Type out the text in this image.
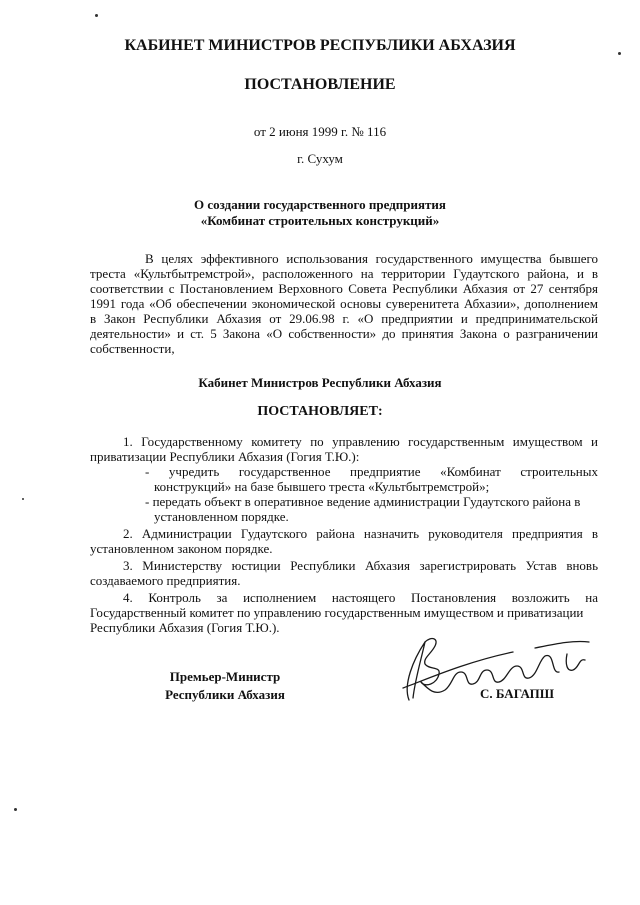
КАБИНЕТ МИНИСТРОВ РЕСПУБЛИКИ АБХАЗИЯ
ПОСТАНОВЛЕНИЕ
от 2 июня 1999 г. № 116
г. Сухум
О создании государственного предприятия
«Комбинат строительных конструкций»
В целях эффективного использования государственного имущества бывшего
треста «Культбытремстрой», расположенного на территории Гудаутского района, и в
соответствии с Постановлением Верховного Совета Республики Абхазия от 27 сентября
1991 года «Об обеспечении экономической основы суверенитета Абхазии», дополнением
в Закон Республики Абхазия от 29.06.98 г. «О предприятии и предпринимательской
деятельности» и ст. 5 Закона «О собственности» до принятия Закона о разграничении
собственности,
Кабинет Министров Республики Абхазия
ПОСТАНОВЛЯЕТ:
1. Государственному комитету по управлению государственным имуществом и
приватизации Республики Абхазия (Гогия Т.Ю.):
- учредить государственное предприятие «Комбинат строительных
конструкций» на базе бывшего треста «Культбытремстрой»;
- передать объект в оперативное ведение администрации Гудаутского района в
установленном порядке.
2. Администрации Гудаутского района назначить руководителя предприятия в
установленном законом порядке.
3. Министерству юстиции Республики Абхазия зарегистрировать Устав вновь
создаваемого предприятия.
4. Контроль за исполнением настоящего Постановления возложить на
Государственный комитет по управлению государственным имуществом и приватизации
Республики Абхазия (Гогия Т.Ю.).
Премьер-Министр
Республики Абхазия	С. БАГАПШ
